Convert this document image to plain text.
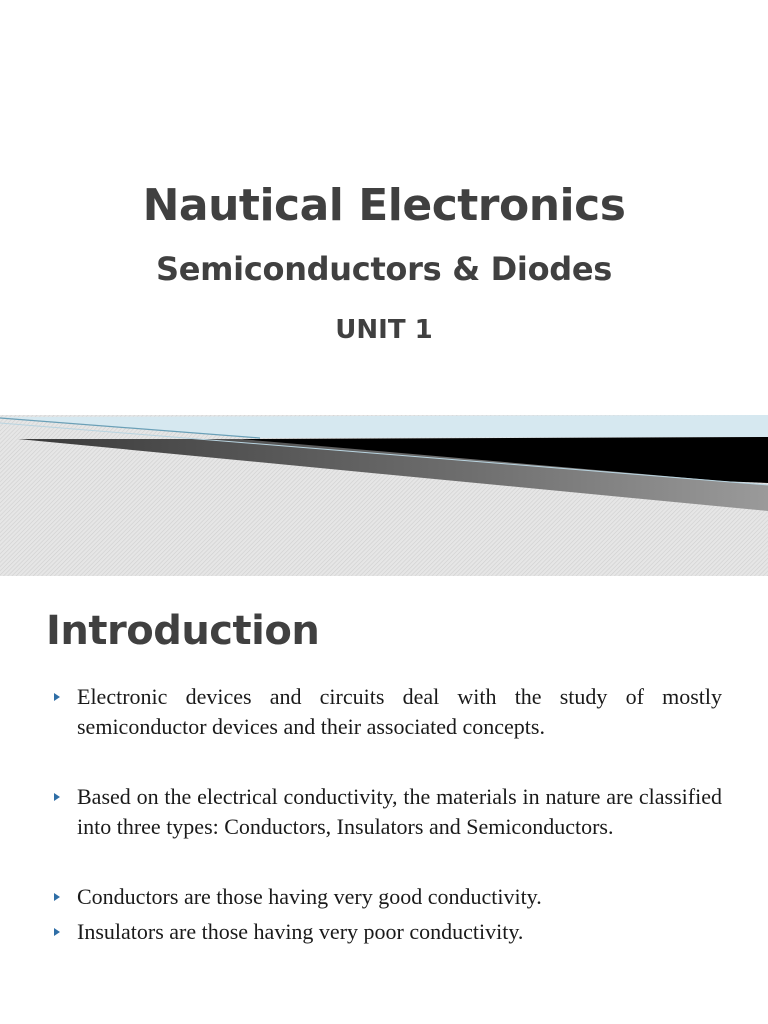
Nautical Electronics
Semiconductors & Diodes
UNIT 1
Introduction
Electronic devices and circuits deal with the study of mostly semiconductor devices and their associated concepts.
Based on the electrical conductivity, the materials in nature are classified into three types: Conductors, Insulators and Semiconductors.
Conductors are those having very good conductivity.
Insulators are those having very poor conductivity.
